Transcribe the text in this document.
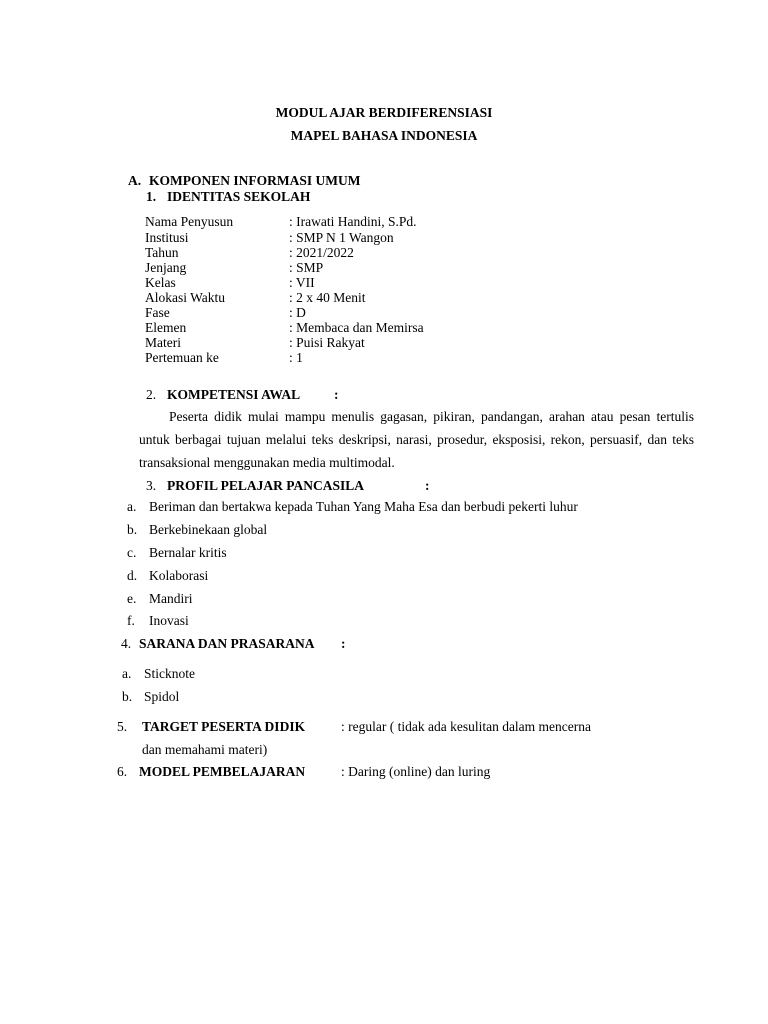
MODUL AJAR BERDIFERENSIASI
MAPEL BAHASA INDONESIA
A. KOMPONEN INFORMASI UMUM
1. IDENTITAS SEKOLAH
Nama Penyusun	: Irawati Handini, S.Pd.
Institusi	: SMP N 1 Wangon
Tahun	: 2021/2022
Jenjang	: SMP
Kelas	: VII
Alokasi Waktu	: 2 x 40 Menit
Fase	: D
Elemen	: Membaca dan Memirsa
Materi	: Puisi Rakyat
Pertemuan ke	: 1
2. KOMPETENSI AWAL	:
Peserta didik mulai mampu menulis gagasan, pikiran, pandangan, arahan atau pesan tertulis untuk berbagai tujuan melalui teks deskripsi, narasi, prosedur, eksposisi, rekon, persuasif, dan teks transaksional menggunakan media multimodal.
3. PROFIL PELAJAR PANCASILA	:
a. Beriman dan bertakwa kepada Tuhan Yang Maha Esa dan berbudi pekerti luhur
b. Berkebinekaan global
c. Bernalar kritis
d. Kolaborasi
e. Mandiri
f. Inovasi
4. SARANA DAN PRASARANA :
a. Sticknote
b. Spidol
5. TARGET PESERTA DIDIK	: regular ( tidak ada kesulitan dalam mencerna
dan memahami materi)
6. MODEL PEMBELAJARAN	: Daring (online) dan luring
